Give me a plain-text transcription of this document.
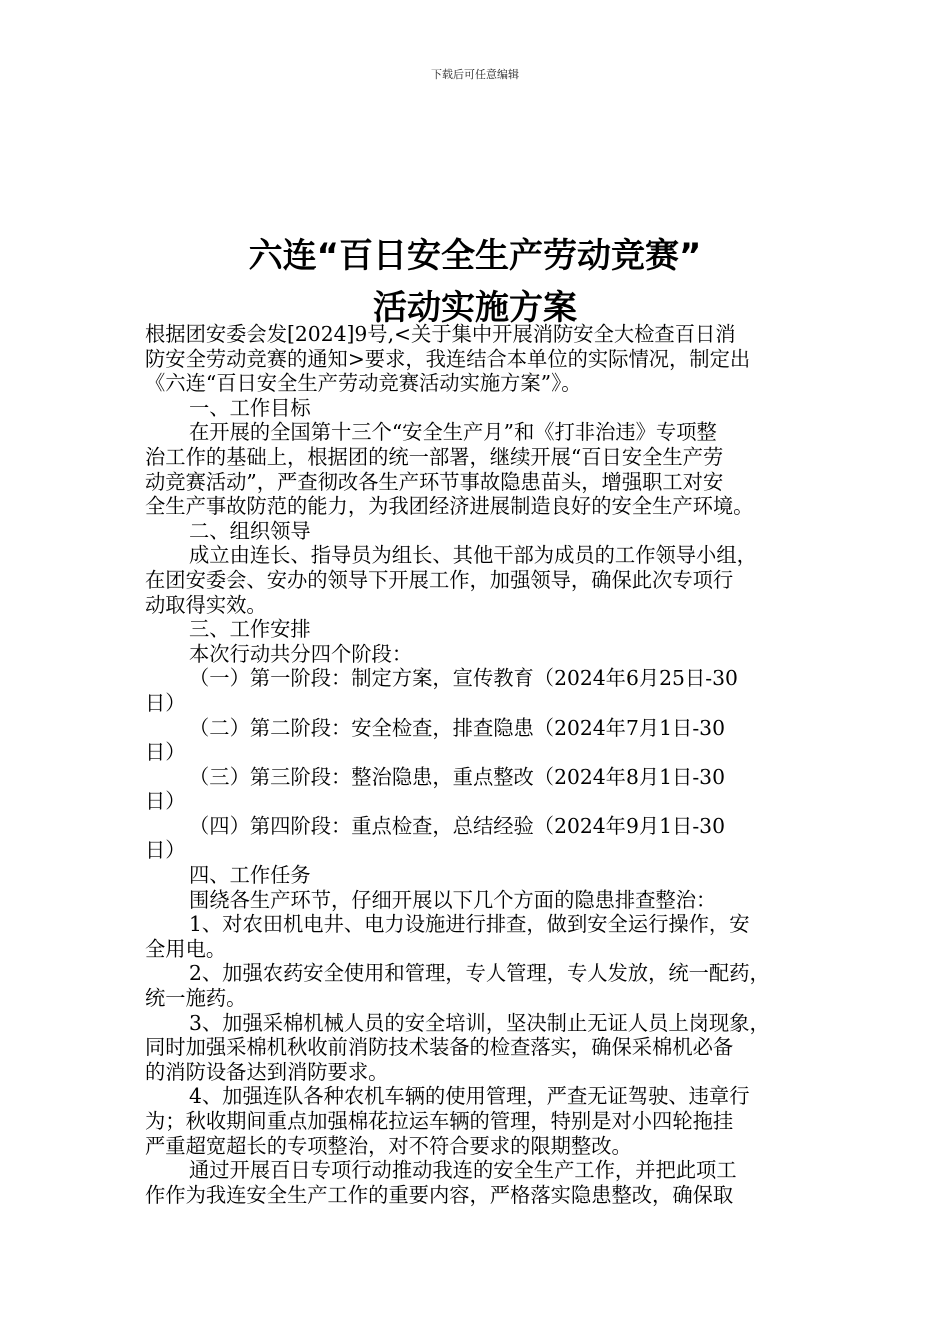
下载后可任意编辑
六连“百日安全生产劳动竞赛”
活动实施方案
根据团安委会发[2024]9号,<关于集中开展消防安全大检查百日消
防安全劳动竞赛的通知>要求，我连结合本单位的实际情况，制定出
《六连“百日安全生产劳动竞赛活动实施方案”》。
一、工作目标
在开展的全国第十三个“安全生产月”和《打非治违》专项整
治工作的基础上，根据团的统一部署，继续开展“百日安全生产劳
动竞赛活动”，严查彻改各生产环节事故隐患苗头，增强职工对安
全生产事故防范的能力，为我团经济进展制造良好的安全生产环境。
二、组织领导
成立由连长、指导员为组长、其他干部为成员的工作领导小组，
在团安委会、安办的领导下开展工作，加强领导，确保此次专项行
动取得实效。
三、工作安排
本次行动共分四个阶段：
（一）第一阶段：制定方案，宣传教育（2024年6月25日-30
日）
（二）第二阶段：安全检查，排查隐患（2024年7月1日-30
日）
（三）第三阶段：整治隐患，重点整改（2024年8月1日-30
日）
（四）第四阶段：重点检查，总结经验（2024年9月1日-30
日）
四、工作任务
围绕各生产环节，仔细开展以下几个方面的隐患排查整治：
1、对农田机电井、电力设施进行排查，做到安全运行操作，安
全用电。
2、加强农药安全使用和管理，专人管理，专人发放，统一配药，
统一施药。
3、加强采棉机械人员的安全培训，坚决制止无证人员上岗现象，
同时加强采棉机秋收前消防技术装备的检查落实，确保采棉机必备
的消防设备达到消防要求。
4、加强连队各种农机车辆的使用管理，严查无证驾驶、违章行
为；秋收期间重点加强棉花拉运车辆的管理，特别是对小四轮拖挂
严重超宽超长的专项整治，对不符合要求的限期整改。
通过开展百日专项行动推动我连的安全生产工作，并把此项工
作作为我连安全生产工作的重要内容，严格落实隐患整改，确保取
